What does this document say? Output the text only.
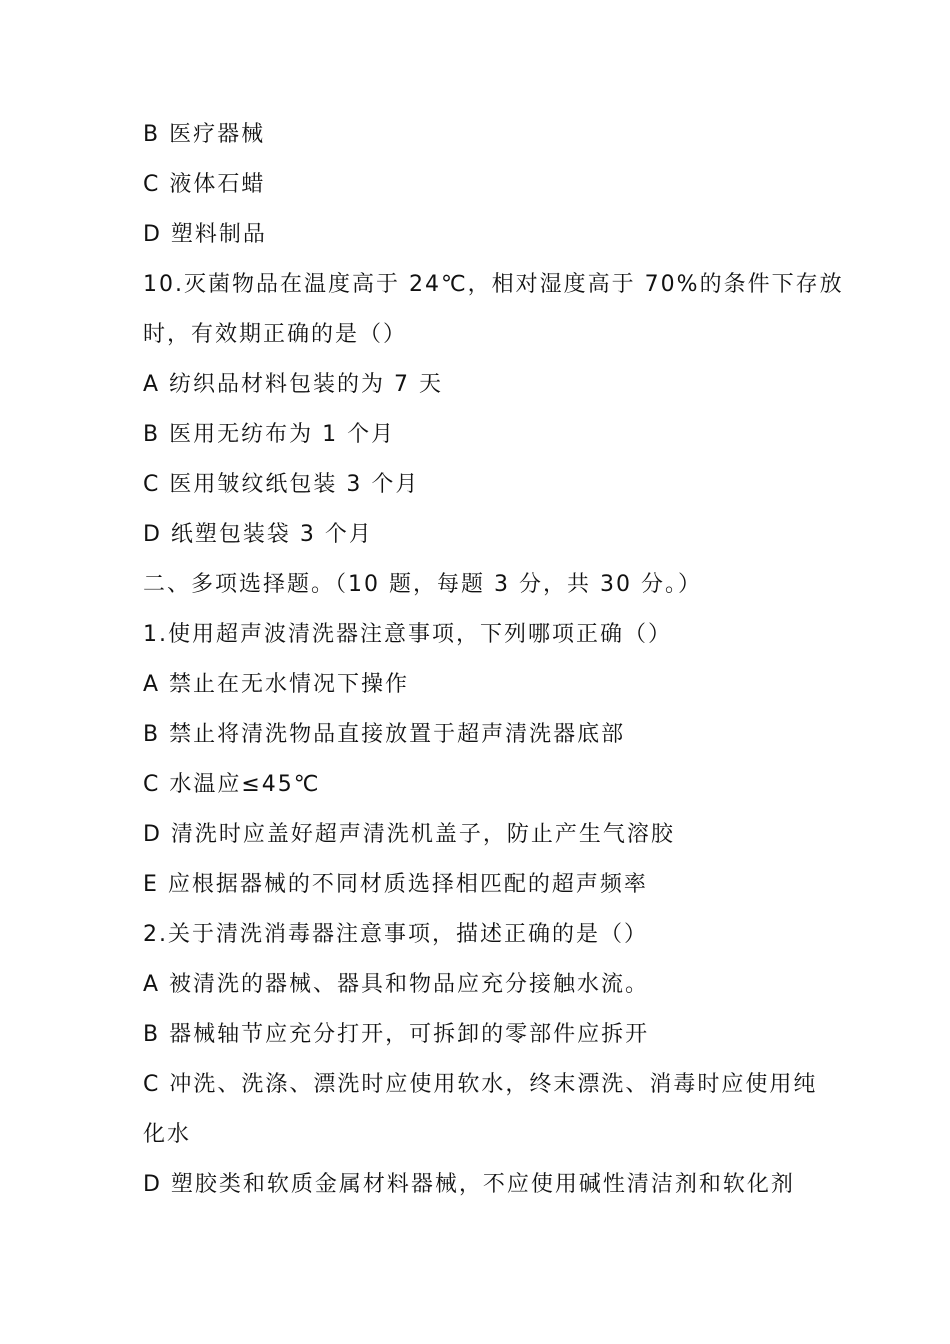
B 医疗器械
C 液体石蜡
D 塑料制品
10.灭菌物品在温度高于 24℃，相对湿度高于 70%的条件下存放
时，有效期正确的是（）
A 纺织品材料包装的为 7 天
B 医用无纺布为 1 个月
C 医用皱纹纸包装 3 个月
D 纸塑包装袋 3 个月
二、多项选择题。（10 题，每题 3 分，共 30 分。）
1.使用超声波清洗器注意事项，下列哪项正确（）
A 禁止在无水情况下操作
B 禁止将清洗物品直接放置于超声清洗器底部
C 水温应≤45℃
D 清洗时应盖好超声清洗机盖子，防止产生气溶胶
E 应根据器械的不同材质选择相匹配的超声频率
2.关于清洗消毒器注意事项，描述正确的是（）
A 被清洗的器械、器具和物品应充分接触水流。
B 器械轴节应充分打开，可拆卸的零部件应拆开
C 冲洗、洗涤、漂洗时应使用软水，终末漂洗、消毒时应使用纯
化水
D 塑胶类和软质金属材料器械，不应使用碱性清洁剂和软化剂
